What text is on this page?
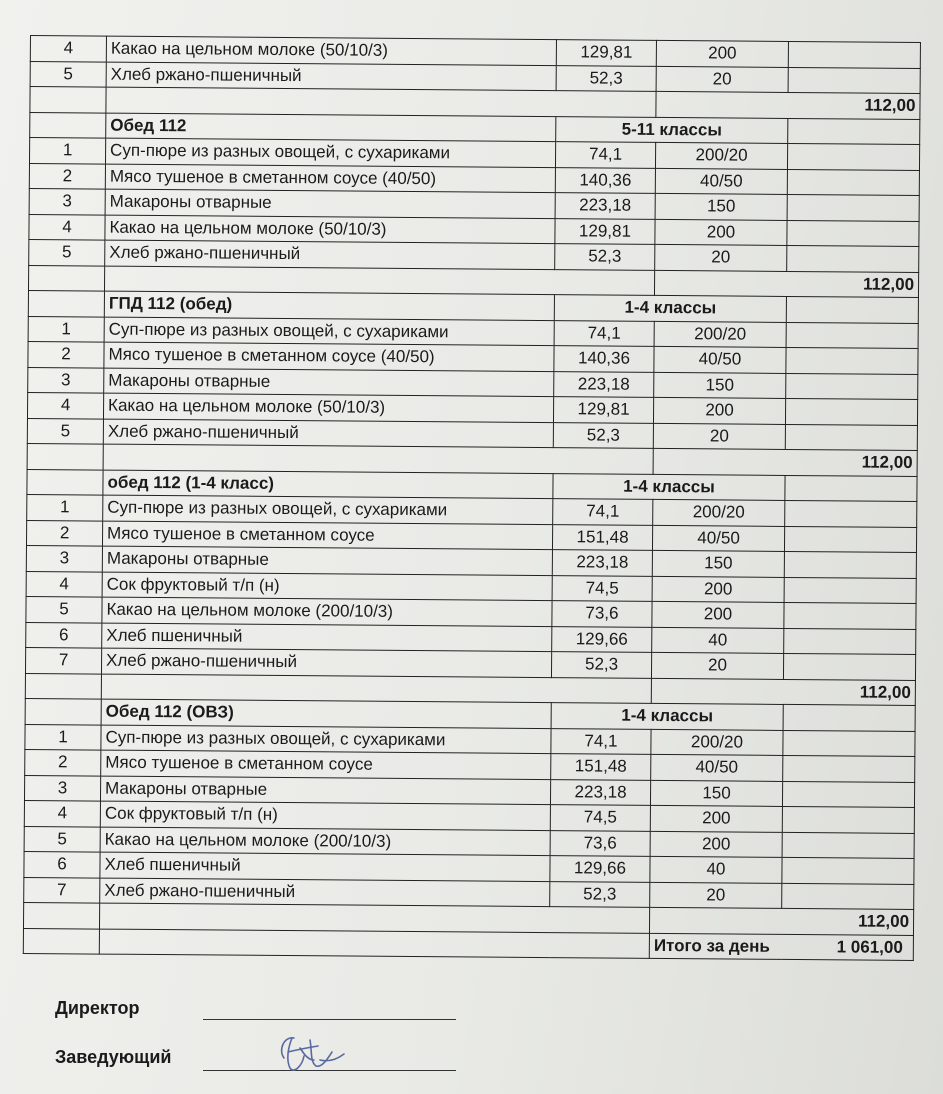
4	Какао на цельном молоке (50/10/3)	129,81	200	
5	Хлеб ржано-пшеничный	52,3	20	
			112,00	
	Обед 112	5-11 классы		
1	Суп-пюре из разных овощей, с сухариками	74,1	200/20	
2	Мясо тушеное в сметанном соусе (40/50)	140,36	40/50	
3	Макароны отварные	223,18	150	
4	Какао на цельном молоке (50/10/3)	129,81	200	
5	Хлеб ржано-пшеничный	52,3	20	
			112,00	
	ГПД 112 (обед)	1-4 классы		
1	Суп-пюре из разных овощей, с сухариками	74,1	200/20	
2	Мясо тушеное в сметанном соусе (40/50)	140,36	40/50	
3	Макароны отварные	223,18	150	
4	Какао на цельном молоке (50/10/3)	129,81	200	
5	Хлеб ржано-пшеничный	52,3	20	
			112,00	
	обед 112 (1-4 класс)	1-4 классы		
1	Суп-пюре из разных овощей, с сухариками	74,1	200/20	
2	Мясо тушеное в сметанном соусе	151,48	40/50	
3	Макароны отварные	223,18	150	
4	Сок фруктовый т/п (н)	74,5	200	
5	Какао на цельном молоке (200/10/3)	73,6	200	
6	Хлеб пшеничный	129,66	40	
7	Хлеб ржано-пшеничный	52,3	20	
			112,00	
	Обед 112 (ОВЗ)	1-4 классы		
1	Суп-пюре из разных овощей, с сухариками	74,1	200/20	
2	Мясо тушеное в сметанном соусе	151,48	40/50	
3	Макароны отварные	223,18	150	
4	Сок фруктовый т/п (н)	74,5	200	
5	Какао на цельном молоке (200/10/3)	73,6	200	
6	Хлеб пшеничный	129,66	40	
7	Хлеб ржано-пшеничный	52,3	20	
			112,00	

			Итого за день 1 061,00	
Директор
Заведующий
